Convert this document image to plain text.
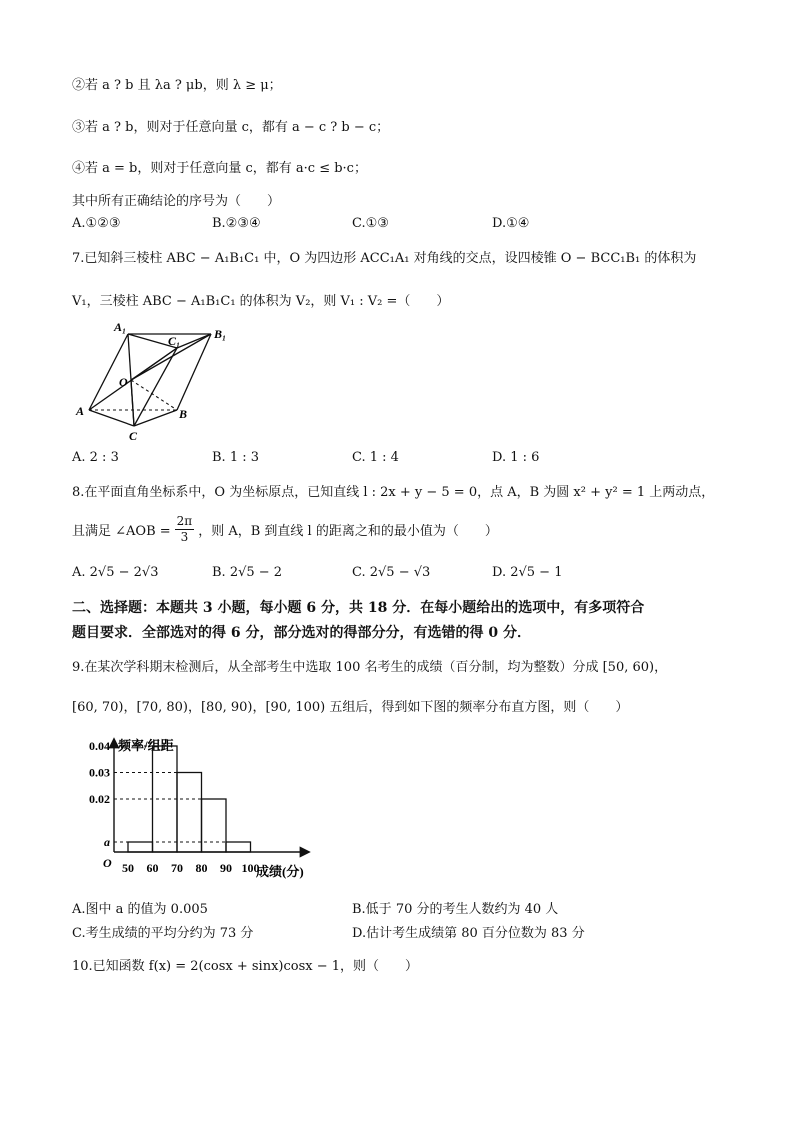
②若 a ? b 且 λa ? μb，则 λ ≥ μ；
③若 a ? b，则对于任意向量 c，都有 a − c ? b − c；
④若 a = b，则对于任意向量 c，都有 a·c ≤ b·c；
其中所有正确结论的序号为（　　）
A.①②③	B.②③④	C.①③	D.①④
7.已知斜三棱柱 ABC − A₁B₁C₁ 中，O 为四边形 ACC₁A₁ 对角线的交点，设四棱锥 O − BCC₁B₁ 的体积为
V₁，三棱柱 ABC − A₁B₁C₁ 的体积为 V₂，则 V₁ : V₂ =（　　）
A₁	B₁
C₁
O
A	B
C
A. 2 : 3	B. 1 : 3	C. 1 : 4	D. 1 : 6
8.在平面直角坐标系中，O 为坐标原点，已知直线 l : 2x + y − 5 = 0，点 A，B 为圆 x² + y² = 1 上两动点，
且满足 ∠AOB = $\frac{2\pi}{3}$ ，则 A，B 到直线 l 的距离之和的最小值为（　　）
A. 2√5 − 2√3	B. 2√5 − 2	C. 2√5 − √3	D. 2√5 − 1
二、选择题：本题共 3 小题，每小题 6 分，共 18 分．在每小题给出的选项中，有多项符合
题目要求．全部选对的得 6 分，部分选对的得部分分，有选错的得 0 分．
9.在某次学科期末检测后，从全部考生中选取 100 名考生的成绩（百分制，均为整数）分成 [50, 60)，
[60, 70)，[70, 80)，[80, 90)，[90, 100) 五组后，得到如下图的频率分布直方图，则（　　）
频率/组距
成绩(分)
O
0.04
0.03
0.02
a
50 60 70 80 90 100
A.图中 a 的值为 0.005	B.低于 70 分的考生人数约为 40 人
C.考生成绩的平均分约为 73 分	D.估计考生成绩第 80 百分位数为 83 分
10.已知函数 f(x) = 2(cosx + sinx)cosx − 1，则（　　）
